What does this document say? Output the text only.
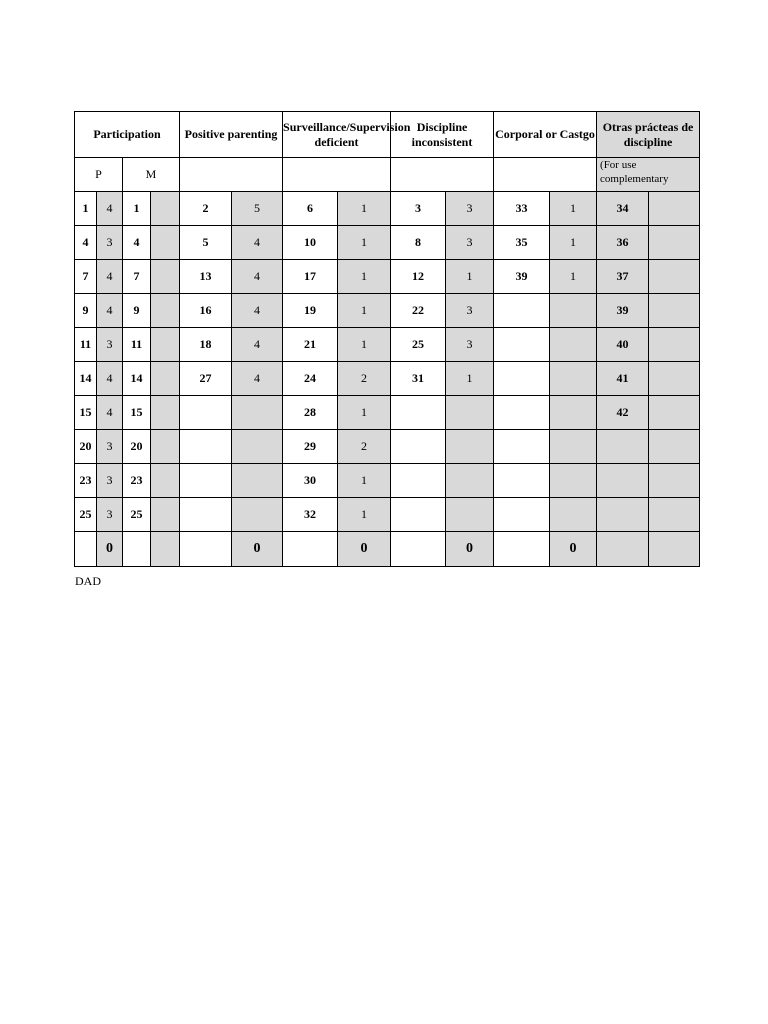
Participation				Positive parenting		Surveillance/Supervision deficient		Discipline inconsistent		Corporal or Castgo		Otras prácteas de discipline	
P		M										(For use complementary	
1	4	1		2	5	6	1	3	3	33	1	34	
4	3	4		5	4	10	1	8	3	35	1	36	
7	4	7		13	4	17	1	12	1	39	1	37	
9	4	9		16	4	19	1	22	3			39	
11	3	11		18	4	21	1	25	3			40	
14	4	14		27	4	24	2	31	1			41	
15	4	15				28	1					42	
20	3	20				29	2						
23	3	23				30	1						
25	3	25				32	1						
	0				0		0		0		0		
DAD
